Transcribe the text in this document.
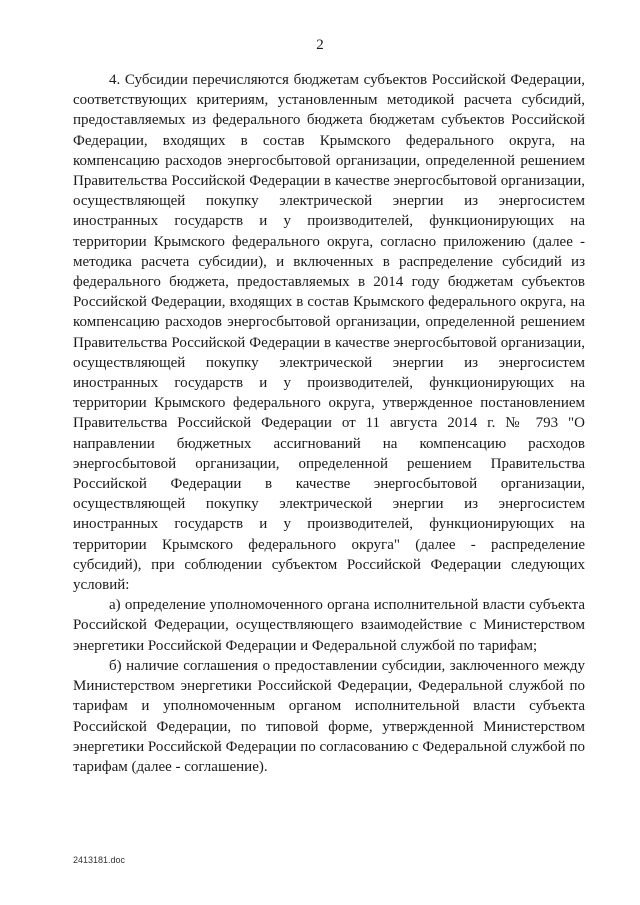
2

4. Субсидии перечисляются бюджетам субъектов Российской Федерации, соответствующих критериям, установленным методикой расчета субсидий, предоставляемых из федерального бюджета бюджетам субъектов Российской Федерации, входящих в состав Крымского федерального округа, на компенсацию расходов энергосбытовой организации, определенной решением Правительства Российской Федерации в качестве энергосбытовой организации, осуществляющей покупку электрической энергии из энергосистем иностранных государств и у производителей, функционирующих на территории Крымского федерального округа, согласно приложению (далее - методика расчета субсидии), и включенных в распределение субсидий из федерального бюджета, предоставляемых в 2014 году бюджетам субъектов Российской Федерации, входящих в состав Крымского федерального округа, на компенсацию расходов энергосбытовой организации, определенной решением Правительства Российской Федерации в качестве энергосбытовой организации, осуществляющей покупку электрической энергии из энергосистем иностранных государств и у производителей, функционирующих на территории Крымского федерального округа, утвержденное постановлением Правительства Российской Федерации от 11 августа 2014 г. № 793 "О направлении бюджетных ассигнований на компенсацию расходов энергосбытовой организации, определенной решением Правительства Российской Федерации в качестве энергосбытовой организации, осуществляющей покупку электрической энергии из энергосистем иностранных государств и у производителей, функционирующих на территории Крымского федерального округа" (далее - распределение субсидий), при соблюдении субъектом Российской Федерации следующих условий:

а) определение уполномоченного органа исполнительной власти субъекта Российской Федерации, осуществляющего взаимодействие с Министерством энергетики Российской Федерации и Федеральной службой по тарифам;

б) наличие соглашения о предоставлении субсидии, заключенного между Министерством энергетики Российской Федерации, Федеральной службой по тарифам и уполномоченным органом исполнительной власти субъекта Российской Федерации, по типовой форме, утвержденной Министерством энергетики Российской Федерации по согласованию с Федеральной службой по тарифам (далее - соглашение).

2413181.doc
